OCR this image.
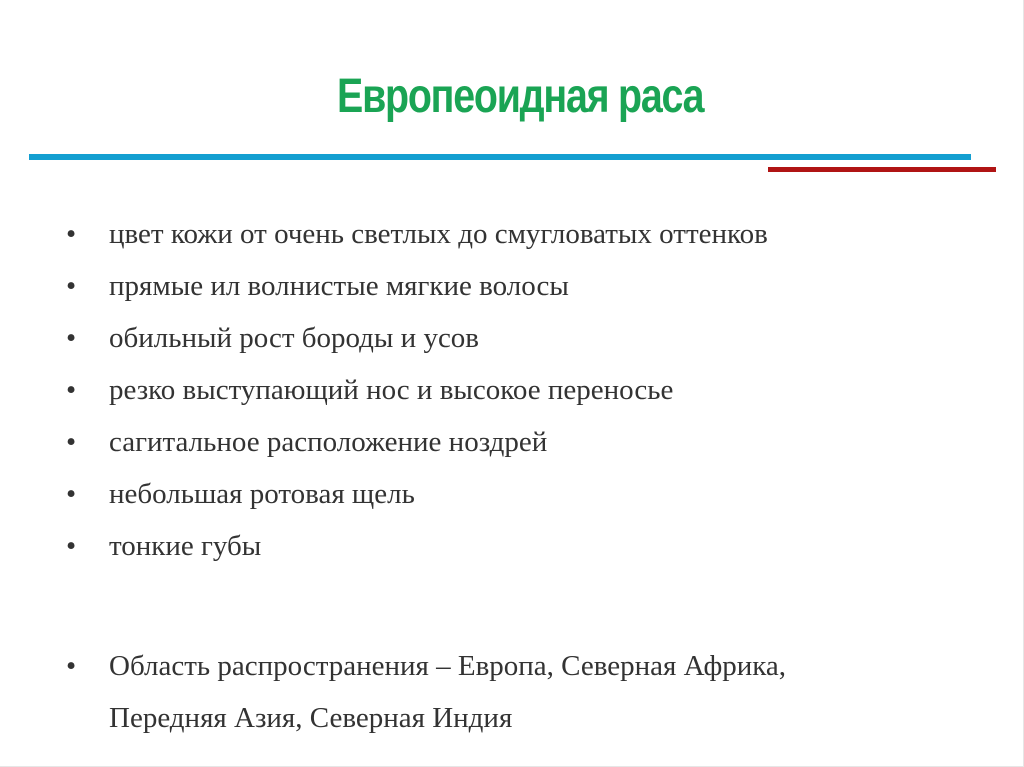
Европеоидная раса
• цвет кожи от очень светлых до смугловатых оттенков
• прямые ил волнистые мягкие волосы
• обильный рост бороды и усов
• резко выступающий нос и высокое переносье
• сагитальное расположение ноздрей
• небольшая ротовая щель
• тонкие губы
• Область распространения – Европа, Северная Африка,
Передняя Азия, Северная Индия
